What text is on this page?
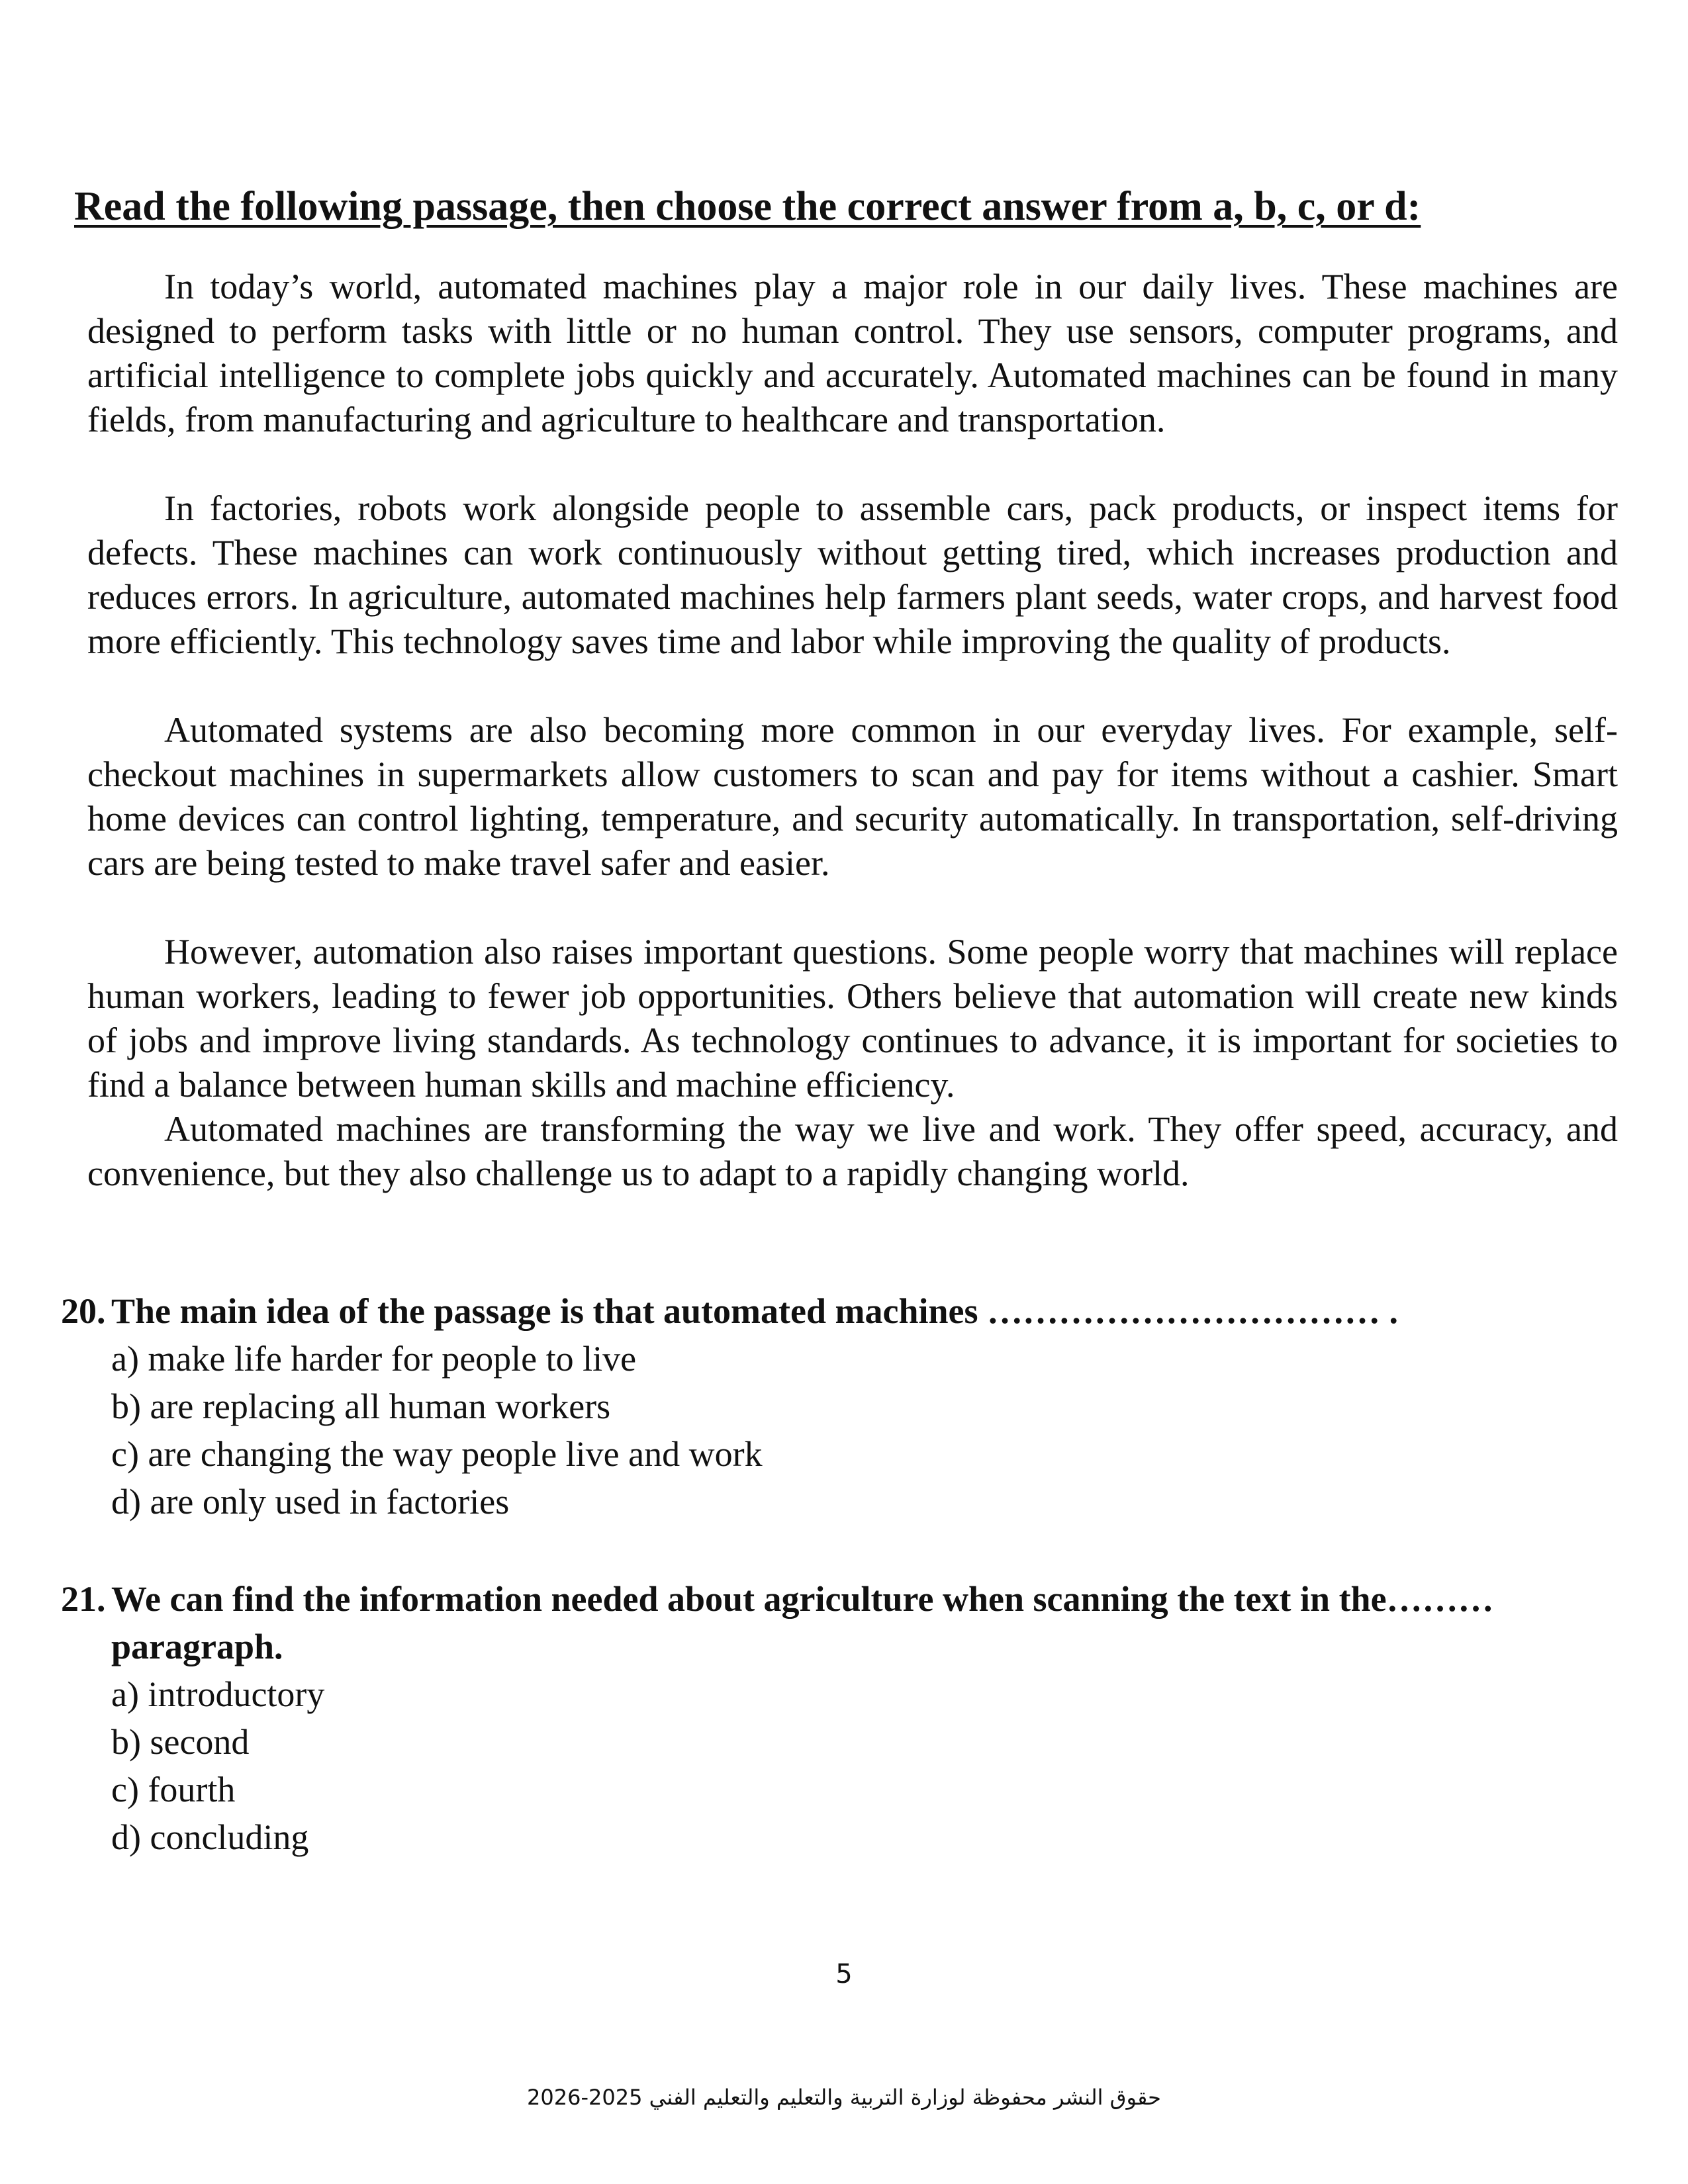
Read the following passage, then choose the correct answer from a, b, c, or d:

In today’s world, automated machines play a major role in our daily lives. These machines are designed to perform tasks with little or no human control. They use sensors, computer programs, and artificial intelligence to complete jobs quickly and accurately. Automated machines can be found in many fields, from manufacturing and agriculture to healthcare and transportation.

In factories, robots work alongside people to assemble cars, pack products, or inspect items for defects. These machines can work continuously without getting tired, which increases production and reduces errors. In agriculture, automated machines help farmers plant seeds, water crops, and harvest food more efficiently. This technology saves time and labor while improving the quality of products.

Automated systems are also becoming more common in our everyday lives. For example, self-checkout machines in supermarkets allow customers to scan and pay for items without a cashier. Smart home devices can control lighting, temperature, and security automatically. In transportation, self-driving cars are being tested to make travel safer and easier.

However, automation also raises important questions. Some people worry that machines will replace human workers, leading to fewer job opportunities. Others believe that automation will create new kinds of jobs and improve living standards. As technology continues to advance, it is important for societies to find a balance between human skills and machine efficiency.

Automated machines are transforming the way we live and work. They offer speed, accuracy, and convenience, but they also challenge us to adapt to a rapidly changing world.

20. The main idea of the passage is that automated machines …………………………… .
a) make life harder for people to live
b) are replacing all human workers
c) are changing the way people live and work
d) are only used in factories
21. We can find the information needed about agriculture when scanning the text in the……… paragraph.
a) introductory
b) second
c) fourth
d) concluding
5
حقوق النشر محفوظة لوزارة التربية والتعليم والتعليم الفني 2025-2026
